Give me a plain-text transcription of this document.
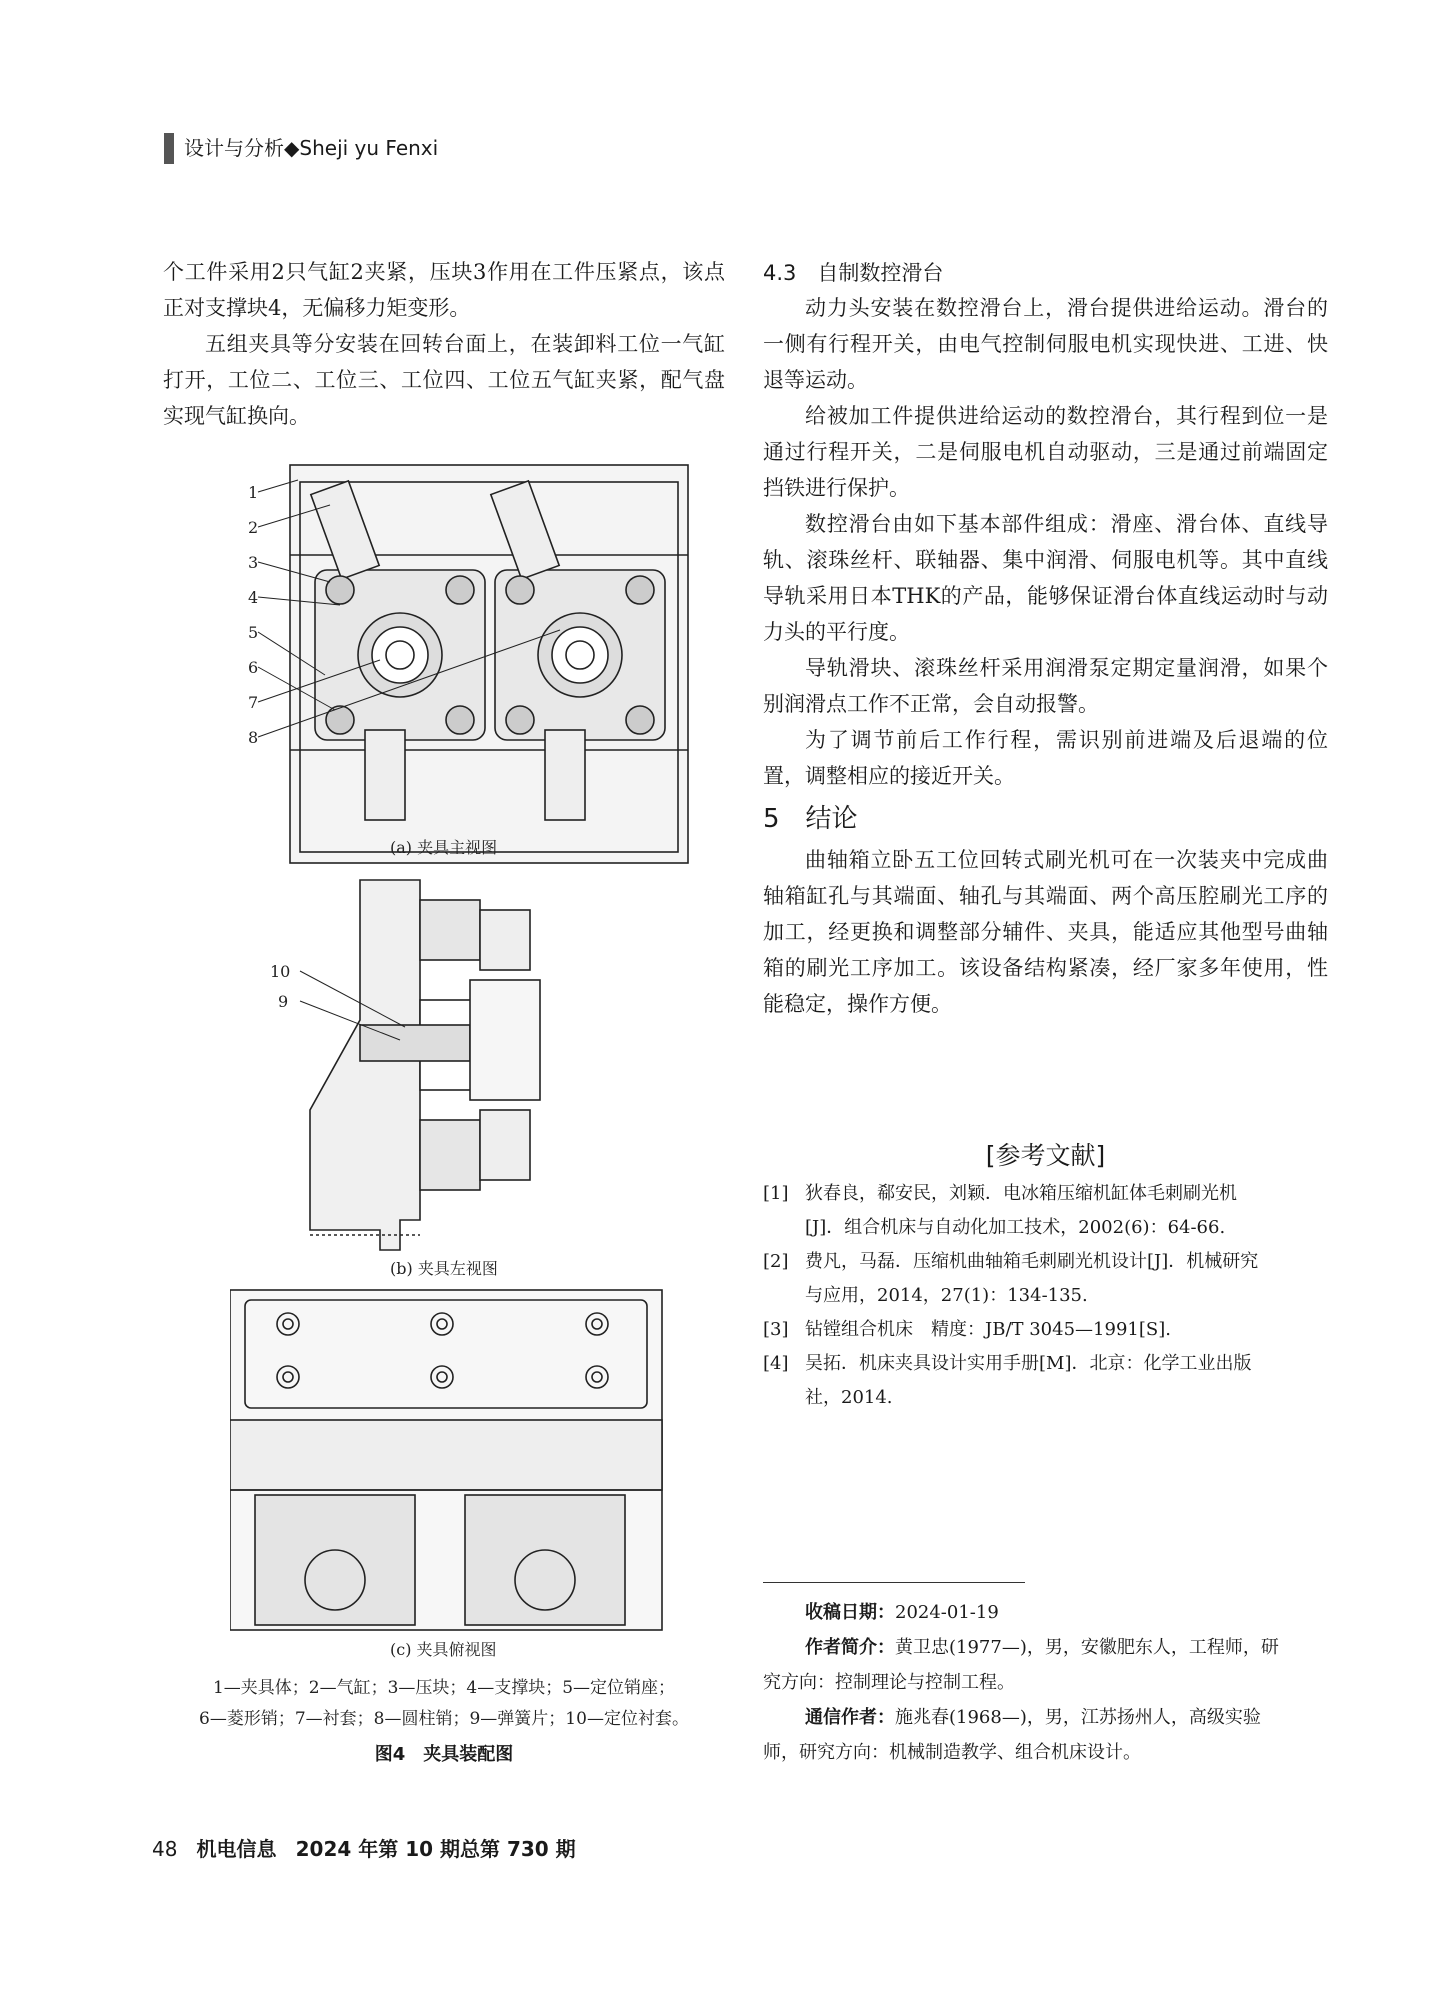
设计与分析◆Sheji yu Fenxi

个工件采用2只气缸2夹紧，压块3作用在工件压紧点，该点正对支撑块4，无偏移力矩变形。

五组夹具等分安装在回转台面上，在装卸料工位一气缸打开，工位二、工位三、工位四、工位五气缸夹紧，配气盘实现气缸换向。

1
2
3
4
5
6
7
8
10
9
(a) 夹具主视图
(b) 夹具左视图
(c) 夹具俯视图
1—夹具体；2—气缸；3—压块；4—支撑块；5—定位销座；
6—菱形销；7—衬套；8—圆柱销；9—弹簧片；10—定位衬套。
图4　夹具装配图
4.3　自制数控滑台

动力头安装在数控滑台上，滑台提供进给运动。滑台的一侧有行程开关，由电气控制伺服电机实现快进、工进、快退等运动。

给被加工件提供进给运动的数控滑台，其行程到位一是通过行程开关，二是伺服电机自动驱动，三是通过前端固定挡铁进行保护。

数控滑台由如下基本部件组成：滑座、滑台体、直线导轨、滚珠丝杆、联轴器、集中润滑、伺服电机等。其中直线导轨采用日本THK的产品，能够保证滑台体直线运动时与动力头的平行度。

导轨滑块、滚珠丝杆采用润滑泵定期定量润滑，如果个别润滑点工作不正常，会自动报警。

为了调节前后工作行程，需识别前进端及后退端的位置，调整相应的接近开关。

5　结论

曲轴箱立卧五工位回转式刷光机可在一次装夹中完成曲轴箱缸孔与其端面、轴孔与其端面、两个高压腔刷光工序的加工，经更换和调整部分辅件、夹具，能适应其他型号曲轴箱的刷光工序加工。该设备结构紧凑，经厂家多年使用，性能稳定，操作方便。

[参考文献]
[1] 狄春良，郗安民，刘颖．电冰箱压缩机缸体毛刺刷光机
[J]．组合机床与自动化加工技术，2002(6)：64-66.
[2] 费凡，马磊．压缩机曲轴箱毛刺刷光机设计[J]．机械研究
与应用，2014，27(1)：134-135.
[3] 钻镗组合机床　精度：JB/T 3045—1991[S].
[4] 吴拓．机床夹具设计实用手册[M]．北京：化学工业出版
社，2014.
收稿日期：2024-01-19
作者简介：黄卫忠(1977—)，男，安徽肥东人，工程师，研
究方向：控制理论与控制工程。
通信作者：施兆春(1968—)，男，江苏扬州人，高级实验
师，研究方向：机械制造教学、组合机床设计。
48 机电信息 2024 年第 10 期总第 730 期
